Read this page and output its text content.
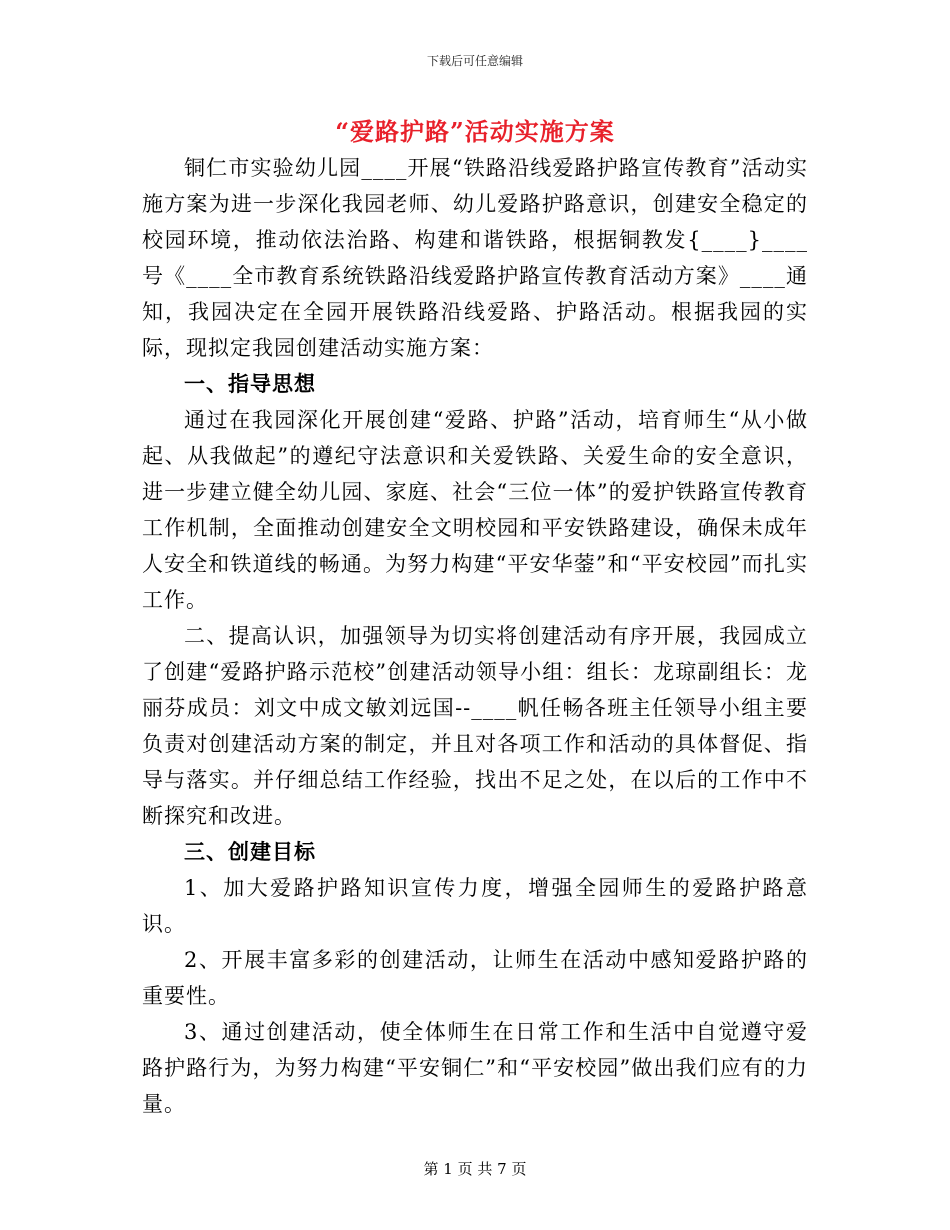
下载后可任意编辑
“爱路护路”活动实施方案

铜仁市实验幼儿园____开展“铁路沿线爱路护路宣传教育”活动实施方案为进一步深化我园老师、幼儿爱路护路意识，创建安全稳定的校园环境，推动依法治路、构建和谐铁路，根据铜教发{____}____号《____全市教育系统铁路沿线爱路护路宣传教育活动方案》____通知，我园决定在全园开展铁路沿线爱路、护路活动。根据我园的实际，现拟定我园创建活动实施方案：

一、指导思想

通过在我园深化开展创建“爱路、护路”活动，培育师生“从小做起、从我做起”的遵纪守法意识和关爱铁路、关爱生命的安全意识，进一步建立健全幼儿园、家庭、社会“三位一体”的爱护铁路宣传教育工作机制，全面推动创建安全文明校园和平安铁路建设，确保未成年人安全和铁道线的畅通。为努力构建“平安华蓥”和“平安校园”而扎实工作。

二、提高认识，加强领导为切实将创建活动有序开展，我园成立了创建“爱路护路示范校”创建活动领导小组：组长：龙琼副组长：龙丽芬成员：刘文中成文敏刘远国--____帆任畅各班主任领导小组主要负责对创建活动方案的制定，并且对各项工作和活动的具体督促、指导与落实。并仔细总结工作经验，找出不足之处，在以后的工作中不断探究和改进。

三、创建目标

1、加大爱路护路知识宣传力度，增强全园师生的爱路护路意识。

2、开展丰富多彩的创建活动，让师生在活动中感知爱路护路的重要性。

3、通过创建活动，使全体师生在日常工作和生活中自觉遵守爱路护路行为，为努力构建“平安铜仁”和“平安校园”做出我们应有的力量。

第 1 页 共 7 页
